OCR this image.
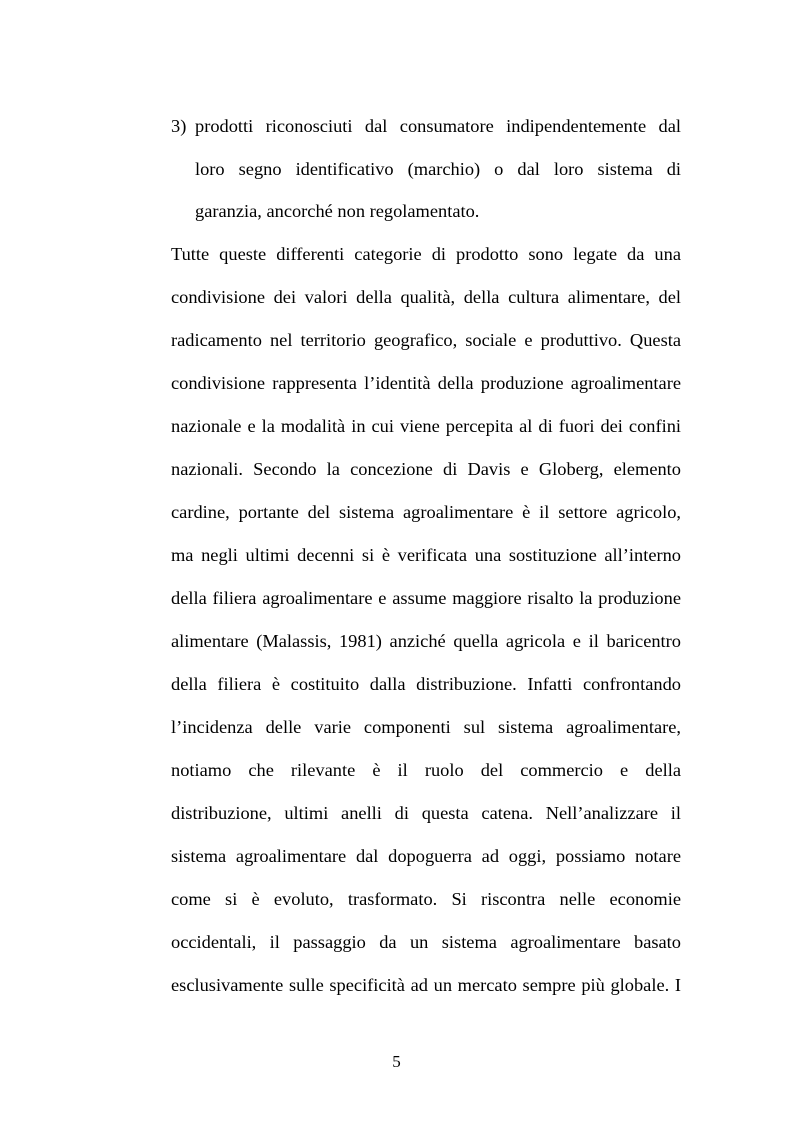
3) prodotti riconosciuti dal consumatore indipendentemente dal
loro segno identificativo (marchio) o dal loro sistema di
garanzia, ancorché non regolamentato.
Tutte queste differenti categorie di prodotto sono legate da una
condivisione dei valori della qualità, della cultura alimentare, del
radicamento nel territorio geografico, sociale e produttivo. Questa
condivisione rappresenta l’identità della produzione agroalimentare
nazionale e la modalità in cui viene percepita al di fuori dei confini
nazionali. Secondo la concezione di Davis e Globerg, elemento
cardine, portante del sistema agroalimentare è il settore agricolo,
ma negli ultimi decenni si è verificata una sostituzione all’interno
della filiera agroalimentare e assume maggiore risalto la produzione
alimentare (Malassis, 1981) anziché quella agricola e il baricentro
della filiera è costituito dalla distribuzione. Infatti confrontando
l’incidenza delle varie componenti sul sistema agroalimentare,
notiamo che rilevante è il ruolo del commercio e della
distribuzione, ultimi anelli di questa catena. Nell’analizzare il
sistema agroalimentare dal dopoguerra ad oggi, possiamo notare
come si è evoluto, trasformato. Si riscontra nelle economie
occidentali, il passaggio da un sistema agroalimentare basato
esclusivamente sulle specificità ad un mercato sempre più globale. I
5
